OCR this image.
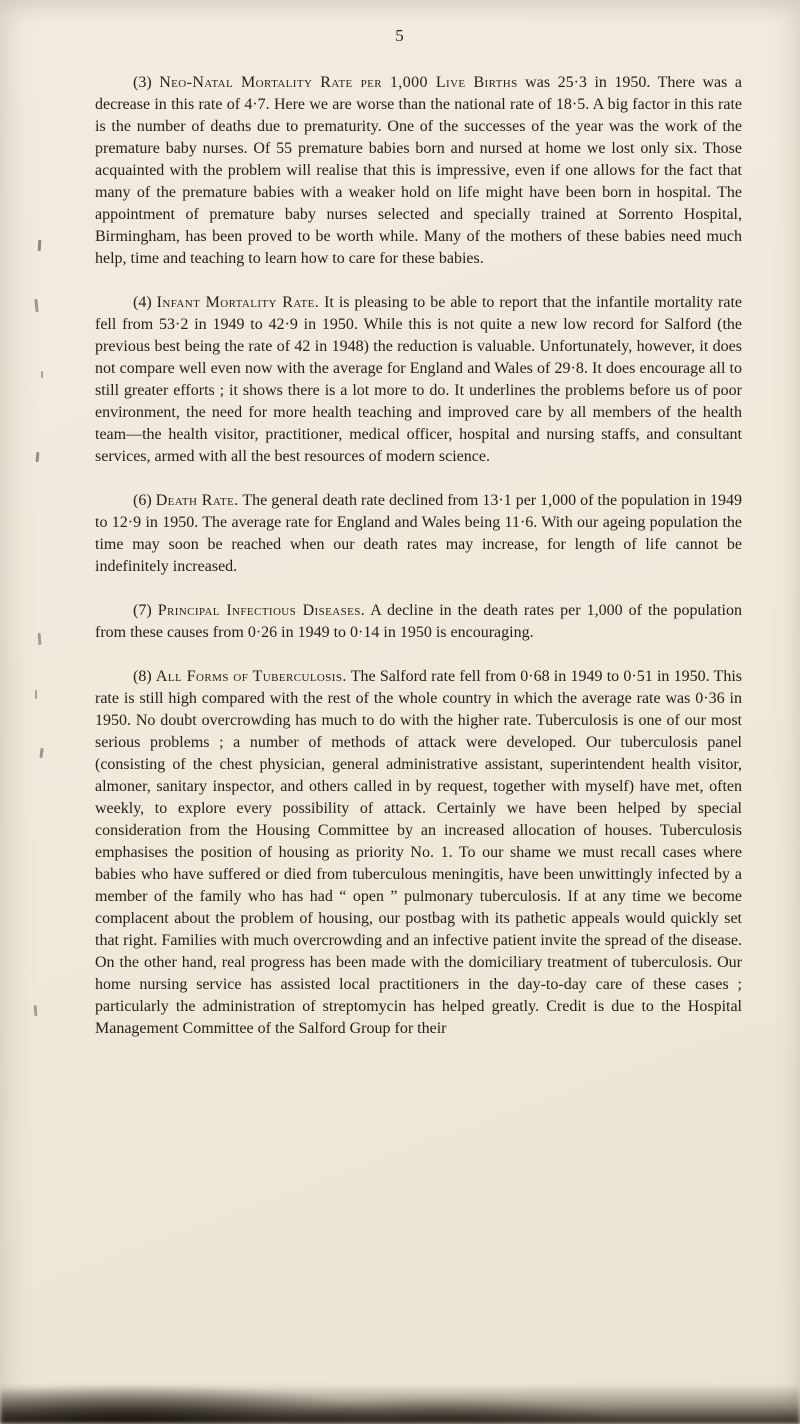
5

(3) Neo-Natal Mortality Rate per 1,000 Live Births was 25·3 in 1950. There was a decrease in this rate of 4·7. Here we are worse than the national rate of 18·5. A big factor in this rate is the number of deaths due to prematurity. One of the successes of the year was the work of the premature baby nurses. Of 55 premature babies born and nursed at home we lost only six. Those acquainted with the problem will realise that this is impressive, even if one allows for the fact that many of the premature babies with a weaker hold on life might have been born in hospital. The appointment of premature baby nurses selected and specially trained at Sorrento Hospital, Birmingham, has been proved to be worth while. Many of the mothers of these babies need much help, time and teaching to learn how to care for these babies.

(4) Infant Mortality Rate. It is pleasing to be able to report that the infantile mortality rate fell from 53·2 in 1949 to 42·9 in 1950. While this is not quite a new low record for Salford (the previous best being the rate of 42 in 1948) the reduction is valuable. Unfortunately, however, it does not compare well even now with the average for England and Wales of 29·8. It does encourage all to still greater efforts ; it shows there is a lot more to do. It underlines the problems before us of poor environment, the need for more health teaching and improved care by all members of the health team—the health visitor, practitioner, medical officer, hospital and nursing staffs, and consultant services, armed with all the best resources of modern science.

(6) Death Rate. The general death rate declined from 13·1 per 1,000 of the population in 1949 to 12·9 in 1950. The average rate for England and Wales being 11·6. With our ageing population the time may soon be reached when our death rates may increase, for length of life cannot be indefinitely increased.

(7) Principal Infectious Diseases. A decline in the death rates per 1,000 of the population from these causes from 0·26 in 1949 to 0·14 in 1950 is encouraging.

(8) All Forms of Tuberculosis. The Salford rate fell from 0·68 in 1949 to 0·51 in 1950. This rate is still high compared with the rest of the whole country in which the average rate was 0·36 in 1950. No doubt overcrowding has much to do with the higher rate. Tuberculosis is one of our most serious problems ; a number of methods of attack were developed. Our tuberculosis panel (consisting of the chest physician, general administrative assistant, superintendent health visitor, almoner, sanitary inspector, and others called in by request, together with myself) have met, often weekly, to explore every possibility of attack. Certainly we have been helped by special consideration from the Housing Committee by an increased allocation of houses. Tuberculosis emphasises the position of housing as priority No. 1. To our shame we must recall cases where babies who have suffered or died from tuberculous meningitis, have been unwittingly infected by a member of the family who has had “ open ” pulmonary tuberculosis. If at any time we become complacent about the problem of housing, our postbag with its pathetic appeals would quickly set that right. Families with much overcrowding and an infective patient invite the spread of the disease. On the other hand, real progress has been made with the domiciliary treatment of tuberculosis. Our home nursing service has assisted local practitioners in the day-to-day care of these cases ; particularly the administration of streptomycin has helped greatly. Credit is due to the Hospital Management Committee of the Salford Group for their
